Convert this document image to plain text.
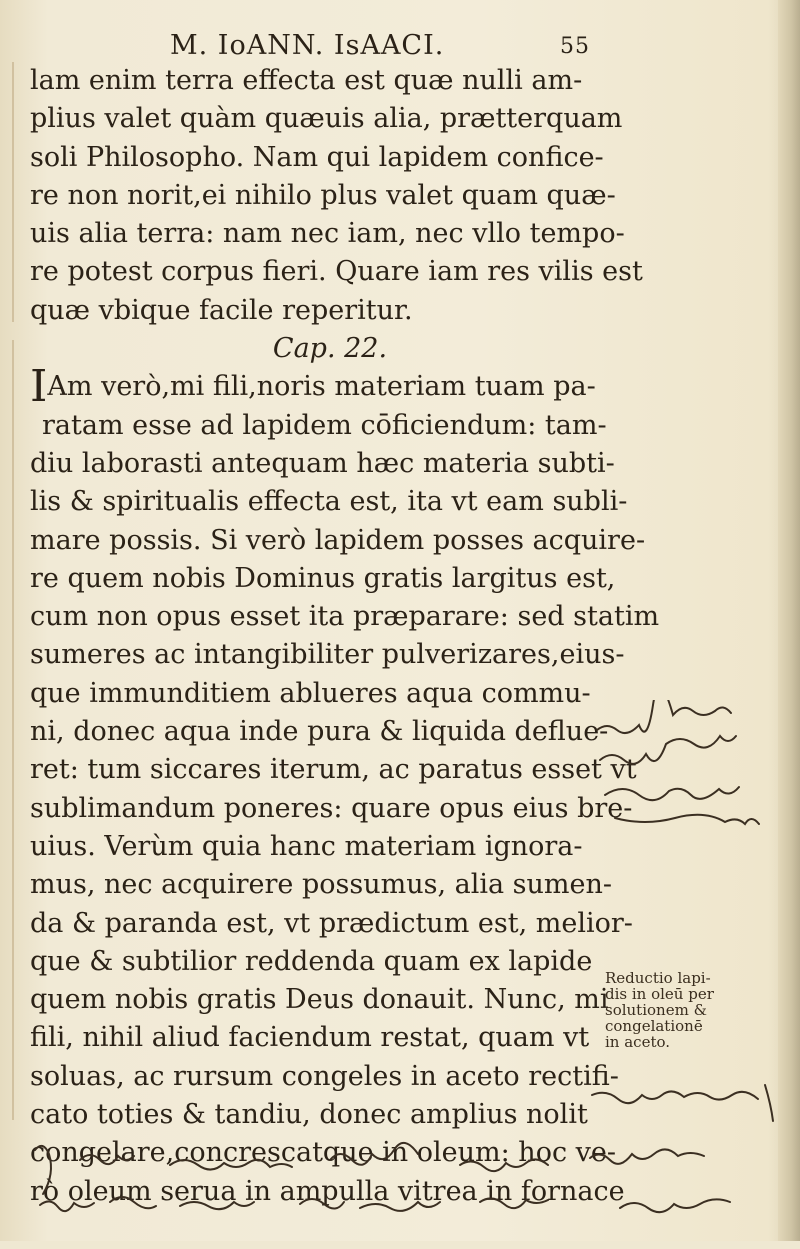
M. IoANN. IsAACI.	55
lam enim terra effecta est quæ nulli am-
plius valet quàm quæuis alia, prætterquam
soli Philosopho. Nam qui lapidem confice-
re non norit,ei nihilo plus valet quam quæ-
uis alia terra: nam nec iam, nec vllo tempo-
re potest corpus fieri. Quare iam res vilis est
quæ vbique facile reperitur.
Cap. 22.
IAm verò,mi fili,noris materiam tuam pa-
ratam esse ad lapidem cōficiendum: tam-
diu laborasti antequam hæc materia subti-
lis & spiritualis effecta est, ita vt eam subli-
mare possis. Si verò lapidem posses acquire-
re quem nobis Dominus gratis largitus est,
cum non opus esset ita præparare: sed statim
sumeres ac intangibiliter pulverizares,eius-
que immunditiem ablueres aqua commu-
ni, donec aqua inde pura & liquida deflue-
ret: tum siccares iterum, ac paratus esset vt
sublimandum poneres: quare opus eius bre-
uius. Verùm quia hanc materiam ignora-
mus, nec acquirere possumus, alia sumen-
da & paranda est, vt prædictum est, melior-
que & subtilior reddenda quam ex lapide
quem nobis gratis Deus donauit. Nunc, mi
fili, nihil aliud faciendum restat, quam vt
soluas, ac rursum congeles in aceto rectifi-
cato toties & tandiu, donec amplius nolit
congelare,concrescatque in oleum: hoc ve-
rò oleum serua in ampulla vitrea in fornace
Reductio lapi-
dis in oleū per
solutionem &
congelationē
in aceto.
